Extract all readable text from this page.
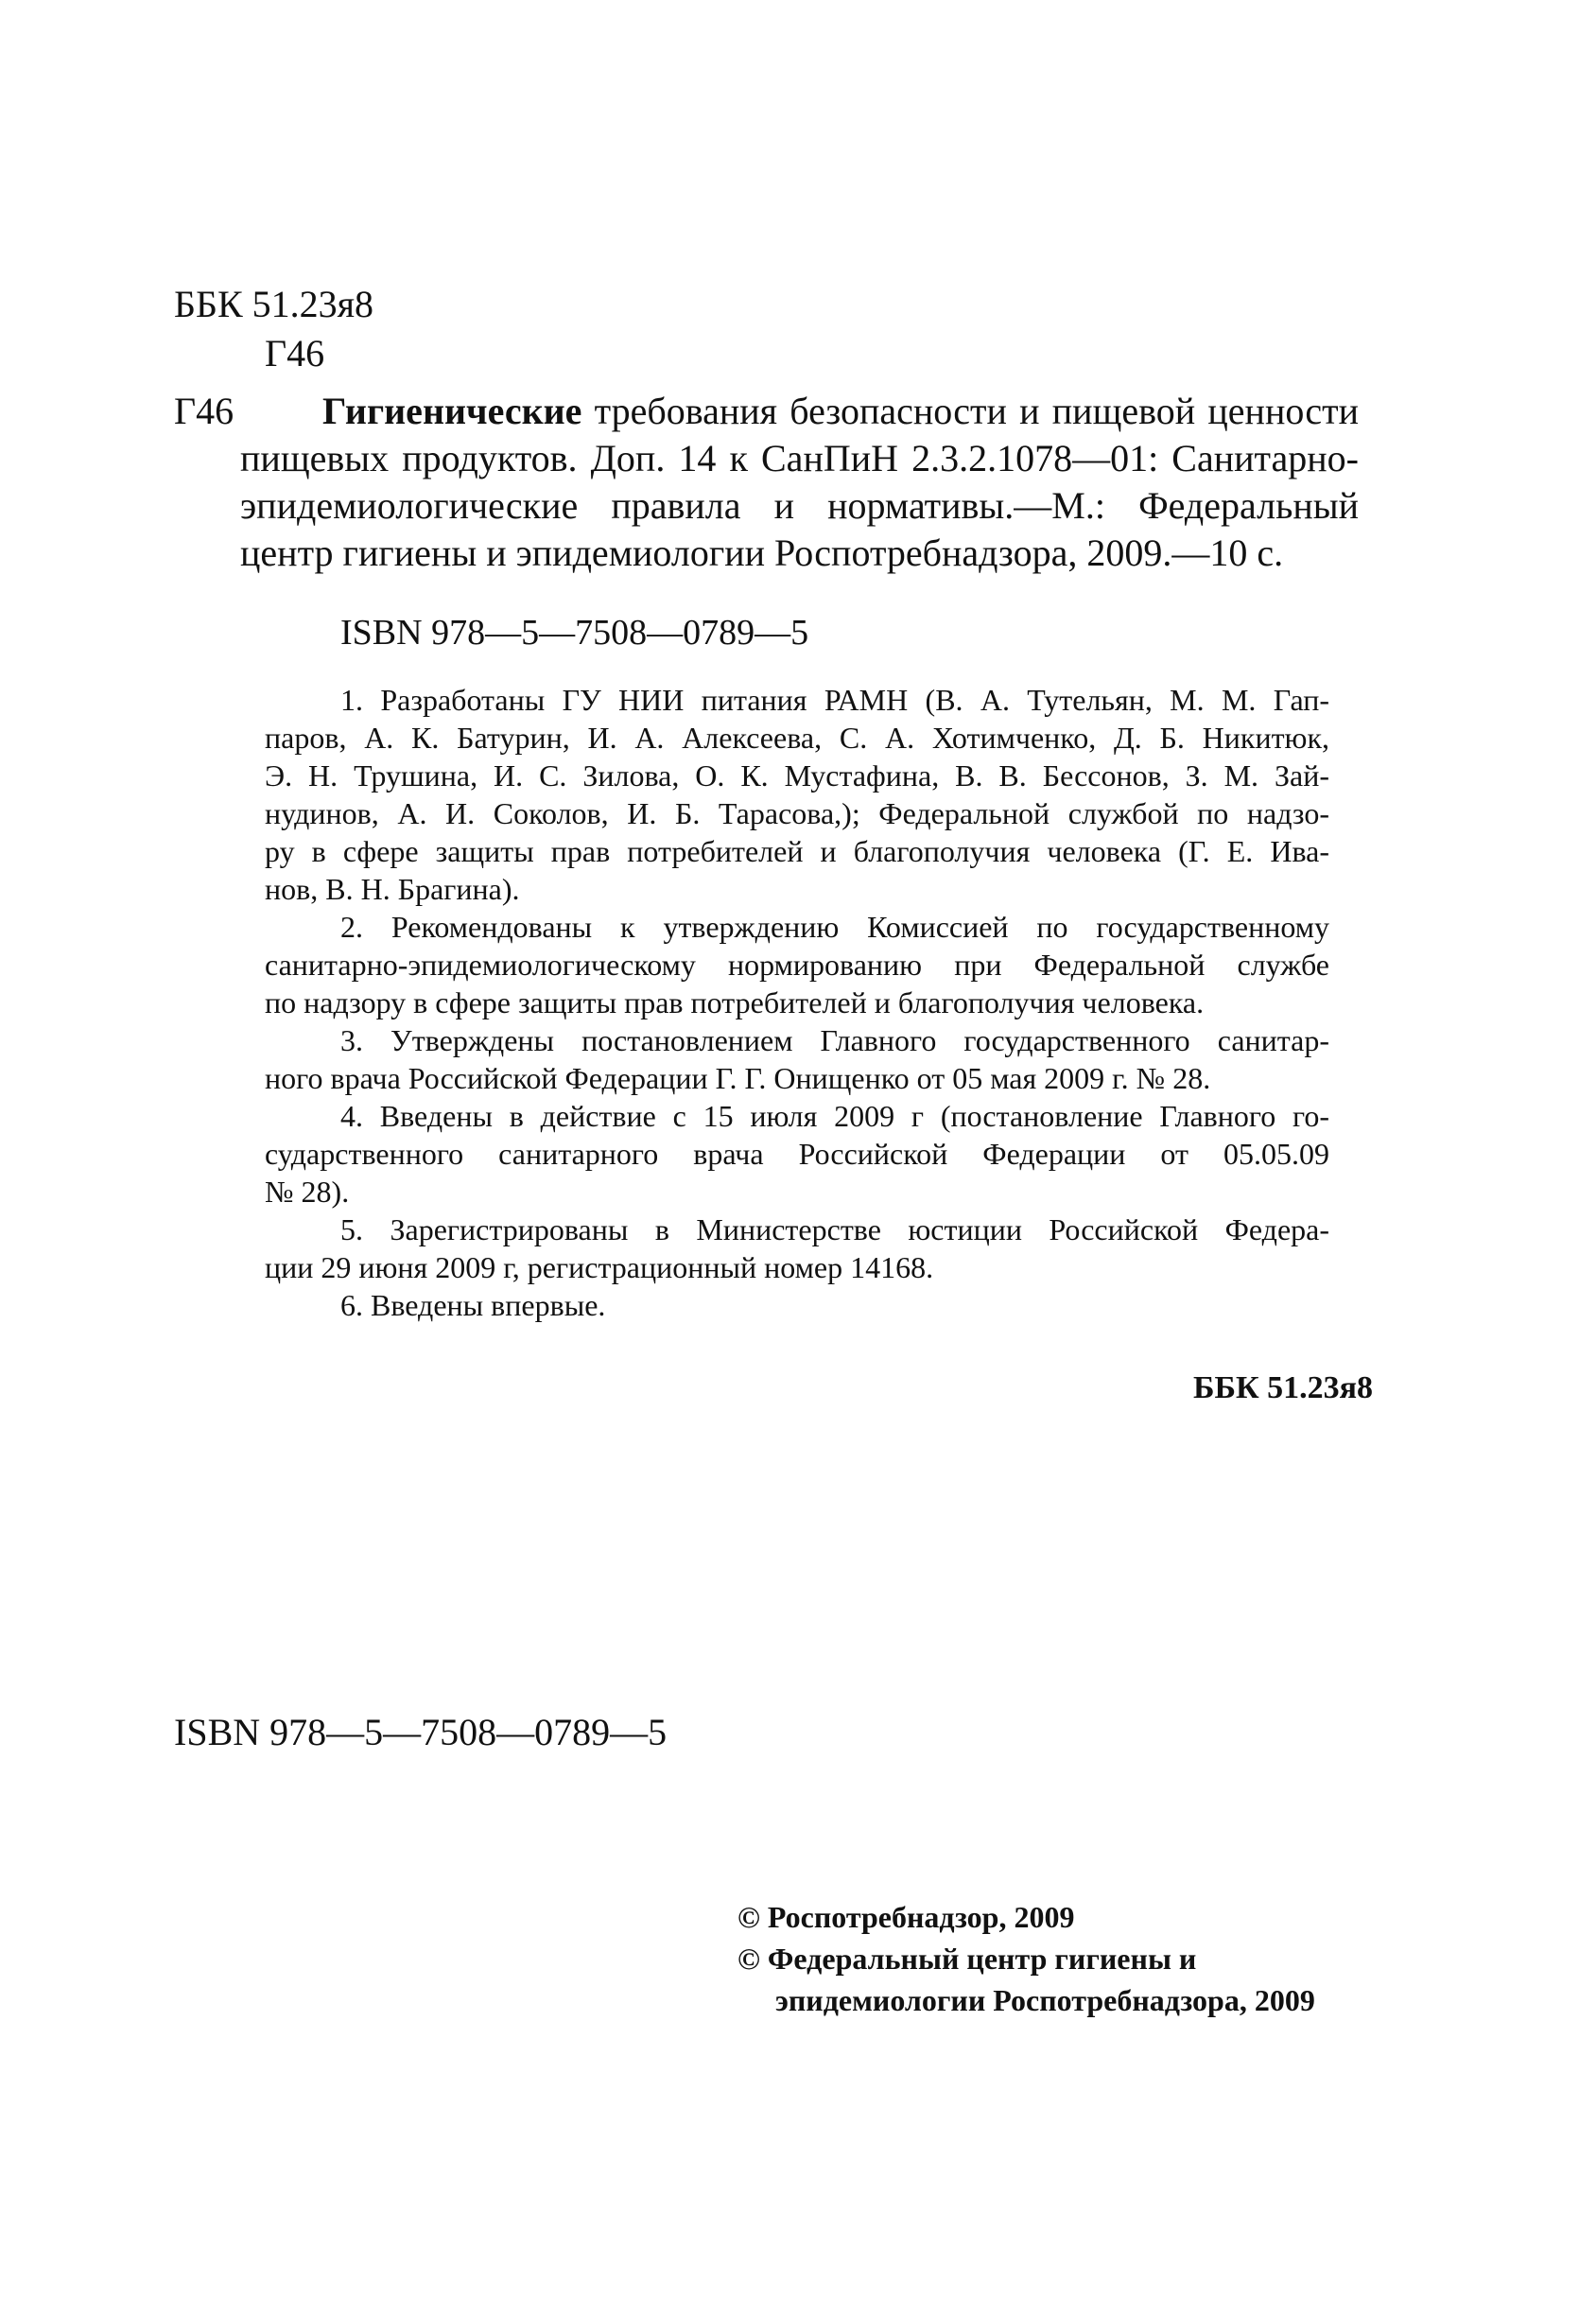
ББК 51.23я8
Г46
Г46	Гигиенические требования безопасности и пищевой ценности
пищевых продуктов. Доп. 14 к СанПиН 2.3.2.1078—01: Санитарно-
эпидемиологические правила и нормативы.—М.: Федеральный
центр гигиены и эпидемиологии Роспотребнадзора, 2009.—10 с.
ISBN 978—5—7508—0789—5
1. Разработаны ГУ НИИ питания РАМН (В. А. Тутельян, М. М. Гап-
паров, А. К. Батурин, И. А. Алексеева, С. А. Хотимченко, Д. Б. Никитюк,
Э. Н. Трушина, И. С. Зилова, О. К. Мустафина, В. В. Бессонов, З. М. Зай-
нудинов, А. И. Соколов, И. Б. Тарасова,); Федеральной службой по надзо-
ру в сфере защиты прав потребителей и благополучия человека (Г. Е. Ива-
нов, В. Н. Брагина).
2. Рекомендованы к утверждению Комиссией по государственному
санитарно-эпидемиологическому нормированию при Федеральной службе
по надзору в сфере защиты прав потребителей и благополучия человека.
3. Утверждены постановлением Главного государственного санитар-
ного врача Российской Федерации Г. Г. Онищенко от 05 мая 2009 г. № 28.
4. Введены в действие с 15 июля 2009 г (постановление Главного го-
сударственного санитарного врача Российской Федерации от 05.05.09
№ 28).
5. Зарегистрированы в Министерстве юстиции Российской Федера-
ции 29 июня 2009 г, регистрационный номер 14168.
6. Введены впервые.
ББК 51.23я8
ISBN 978—5—7508—0789—5
© Роспотребнадзор, 2009
© Федеральный центр гигиены и
эпидемиологии Роспотребнадзора, 2009
